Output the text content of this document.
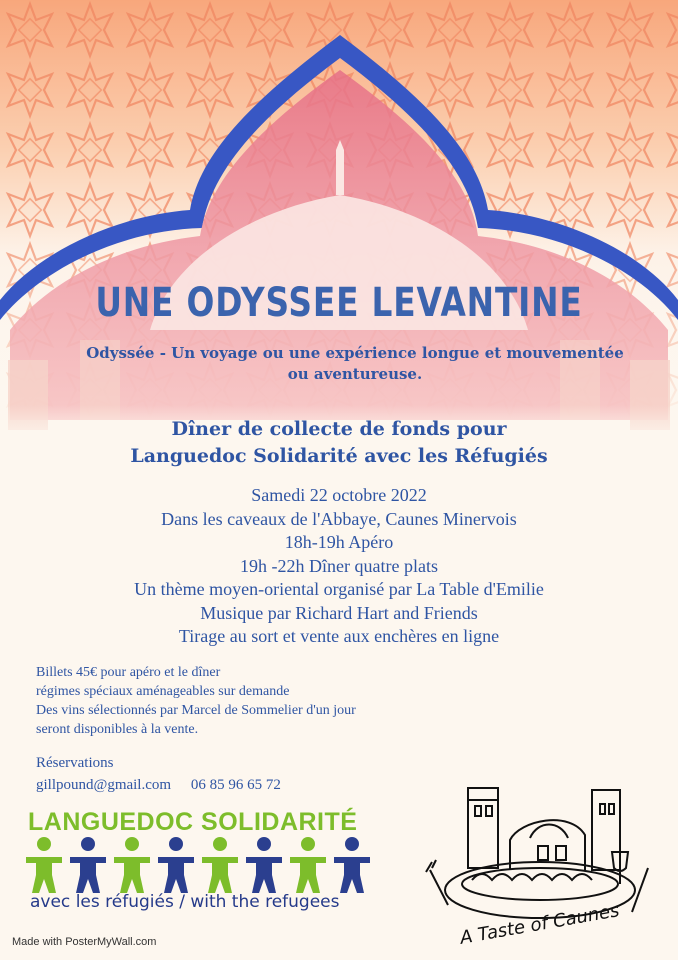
UNE ODYSSEE LEVANTINE
Odyssée - Un voyage ou une expérience longue et mouvementée
ou aventureuse.
Dîner de collecte de fonds pour
Languedoc Solidarité avec les Réfugiés
Samedi 22 octobre 2022
Dans les caveaux de l'Abbaye, Caunes Minervois
18h-19h Apéro
19h -22h Dîner quatre plats
Un thème moyen-oriental organisé par La Table d'Emilie
Musique par Richard Hart and Friends
Tirage au sort et vente aux enchères en ligne
Billets 45€ pour apéro et le dîner
régimes spéciaux aménageables sur demande
Des vins sélectionnés par Marcel de Sommelier d'un jour
seront disponibles à la vente.
Réservations
gillpound@gmail.com 06 85 96 65 72
LANGUEDOC SOLIDARITÉ
avec les réfugiés / with the refugees	A Taste of Caunes
Made with PosterMyWall.com
